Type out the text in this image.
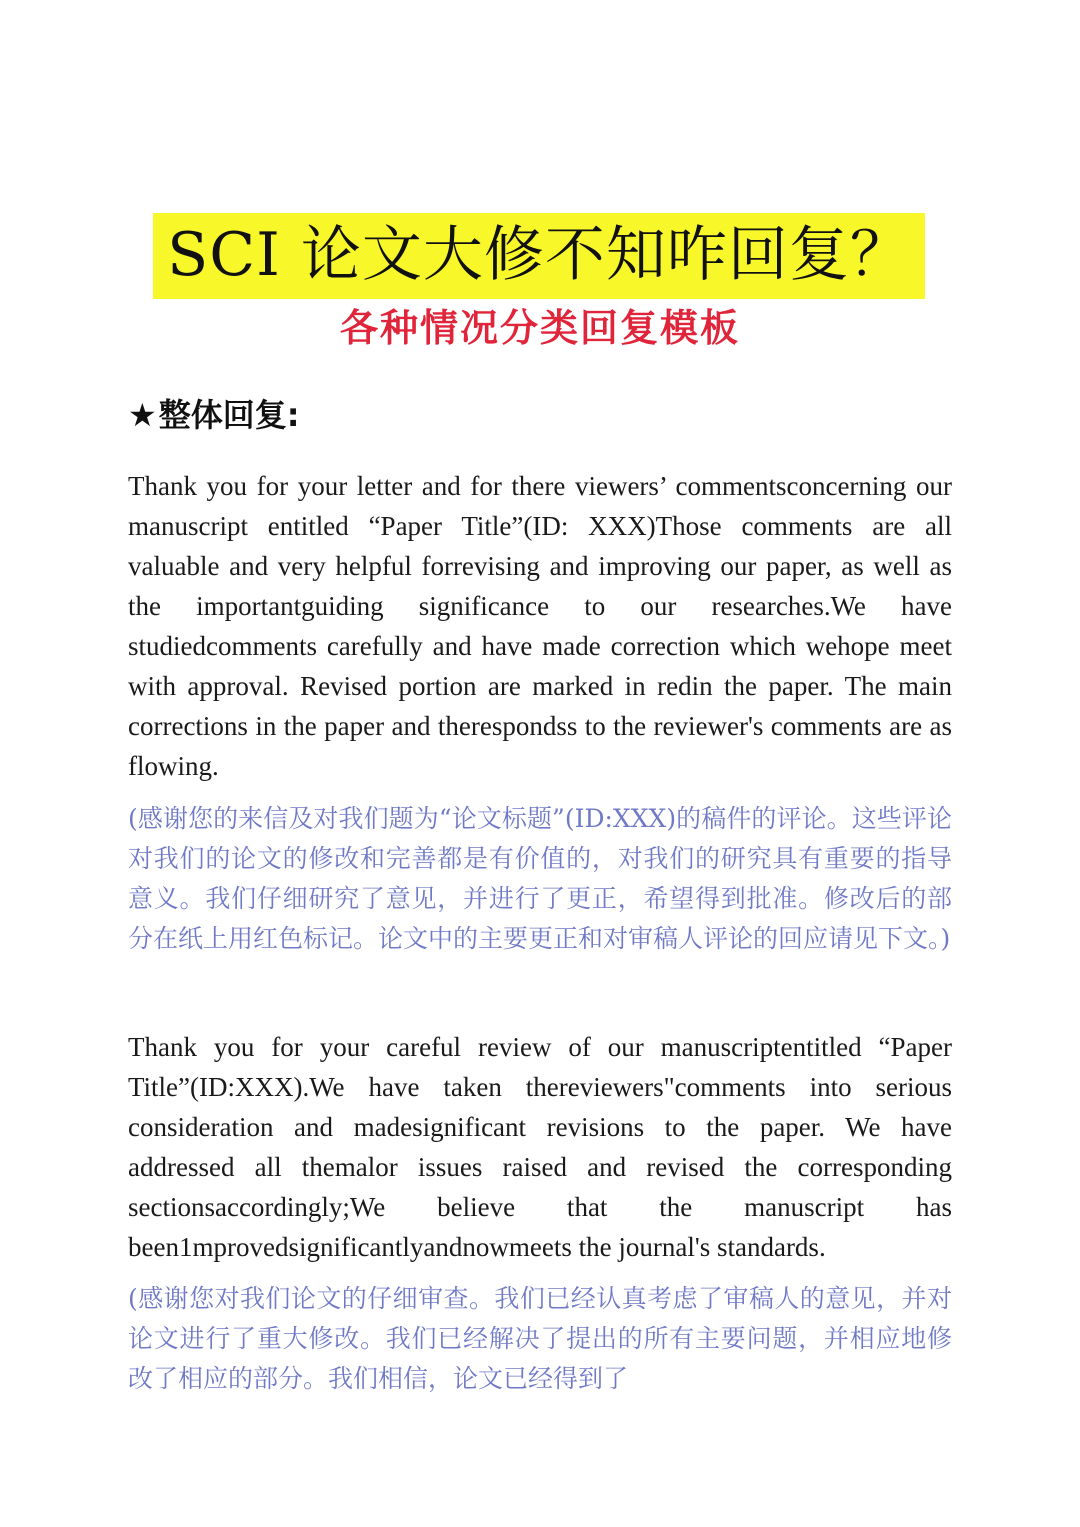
SCI 论文大修不知咋回复？
各种情况分类回复模板
★整体回复:
Thank you for your letter and for there viewers’ commentsconcerning our manuscript entitled “Paper Title”(ID: XXX)Those comments are all valuable and very helpful forrevising and improving our paper, as well as the importantguiding significance to our researches.We have studiedcomments carefully and have made correction which wehope meet with approval. Revised portion are marked in redin the paper. The main corrections in the paper and therespondss to the reviewer's comments are as flowing.
(感谢您的来信及对我们题为“论文标题”(ID:XXX)的稿件的评论。这些评论对我们的论文的修改和完善都是有价值的，对我们的研究具有重要的指导意义。我们仔细研究了意见，并进行了更正，希望得到批准。修改后的部分在纸上用红色标记。论文中的主要更正和对审稿人评论的回应请见下文。)
Thank you for your careful review of our manuscriptentitled “Paper Title”(ID:XXX).We have taken thereviewers"comments into serious consideration and madesignificant revisions to the paper. We have addressed all themalor issues raised and revised the corresponding sectionsaccordingly;We believe that the manuscript has been1mprovedsignificantlyandnowmeets the journal's standards.
(感谢您对我们论文的仔细审查。我们已经认真考虑了审稿人的意见，并对论文进行了重大修改。我们已经解决了提出的所有主要问题，并相应地修改了相应的部分。我们相信，论文已经得到了
